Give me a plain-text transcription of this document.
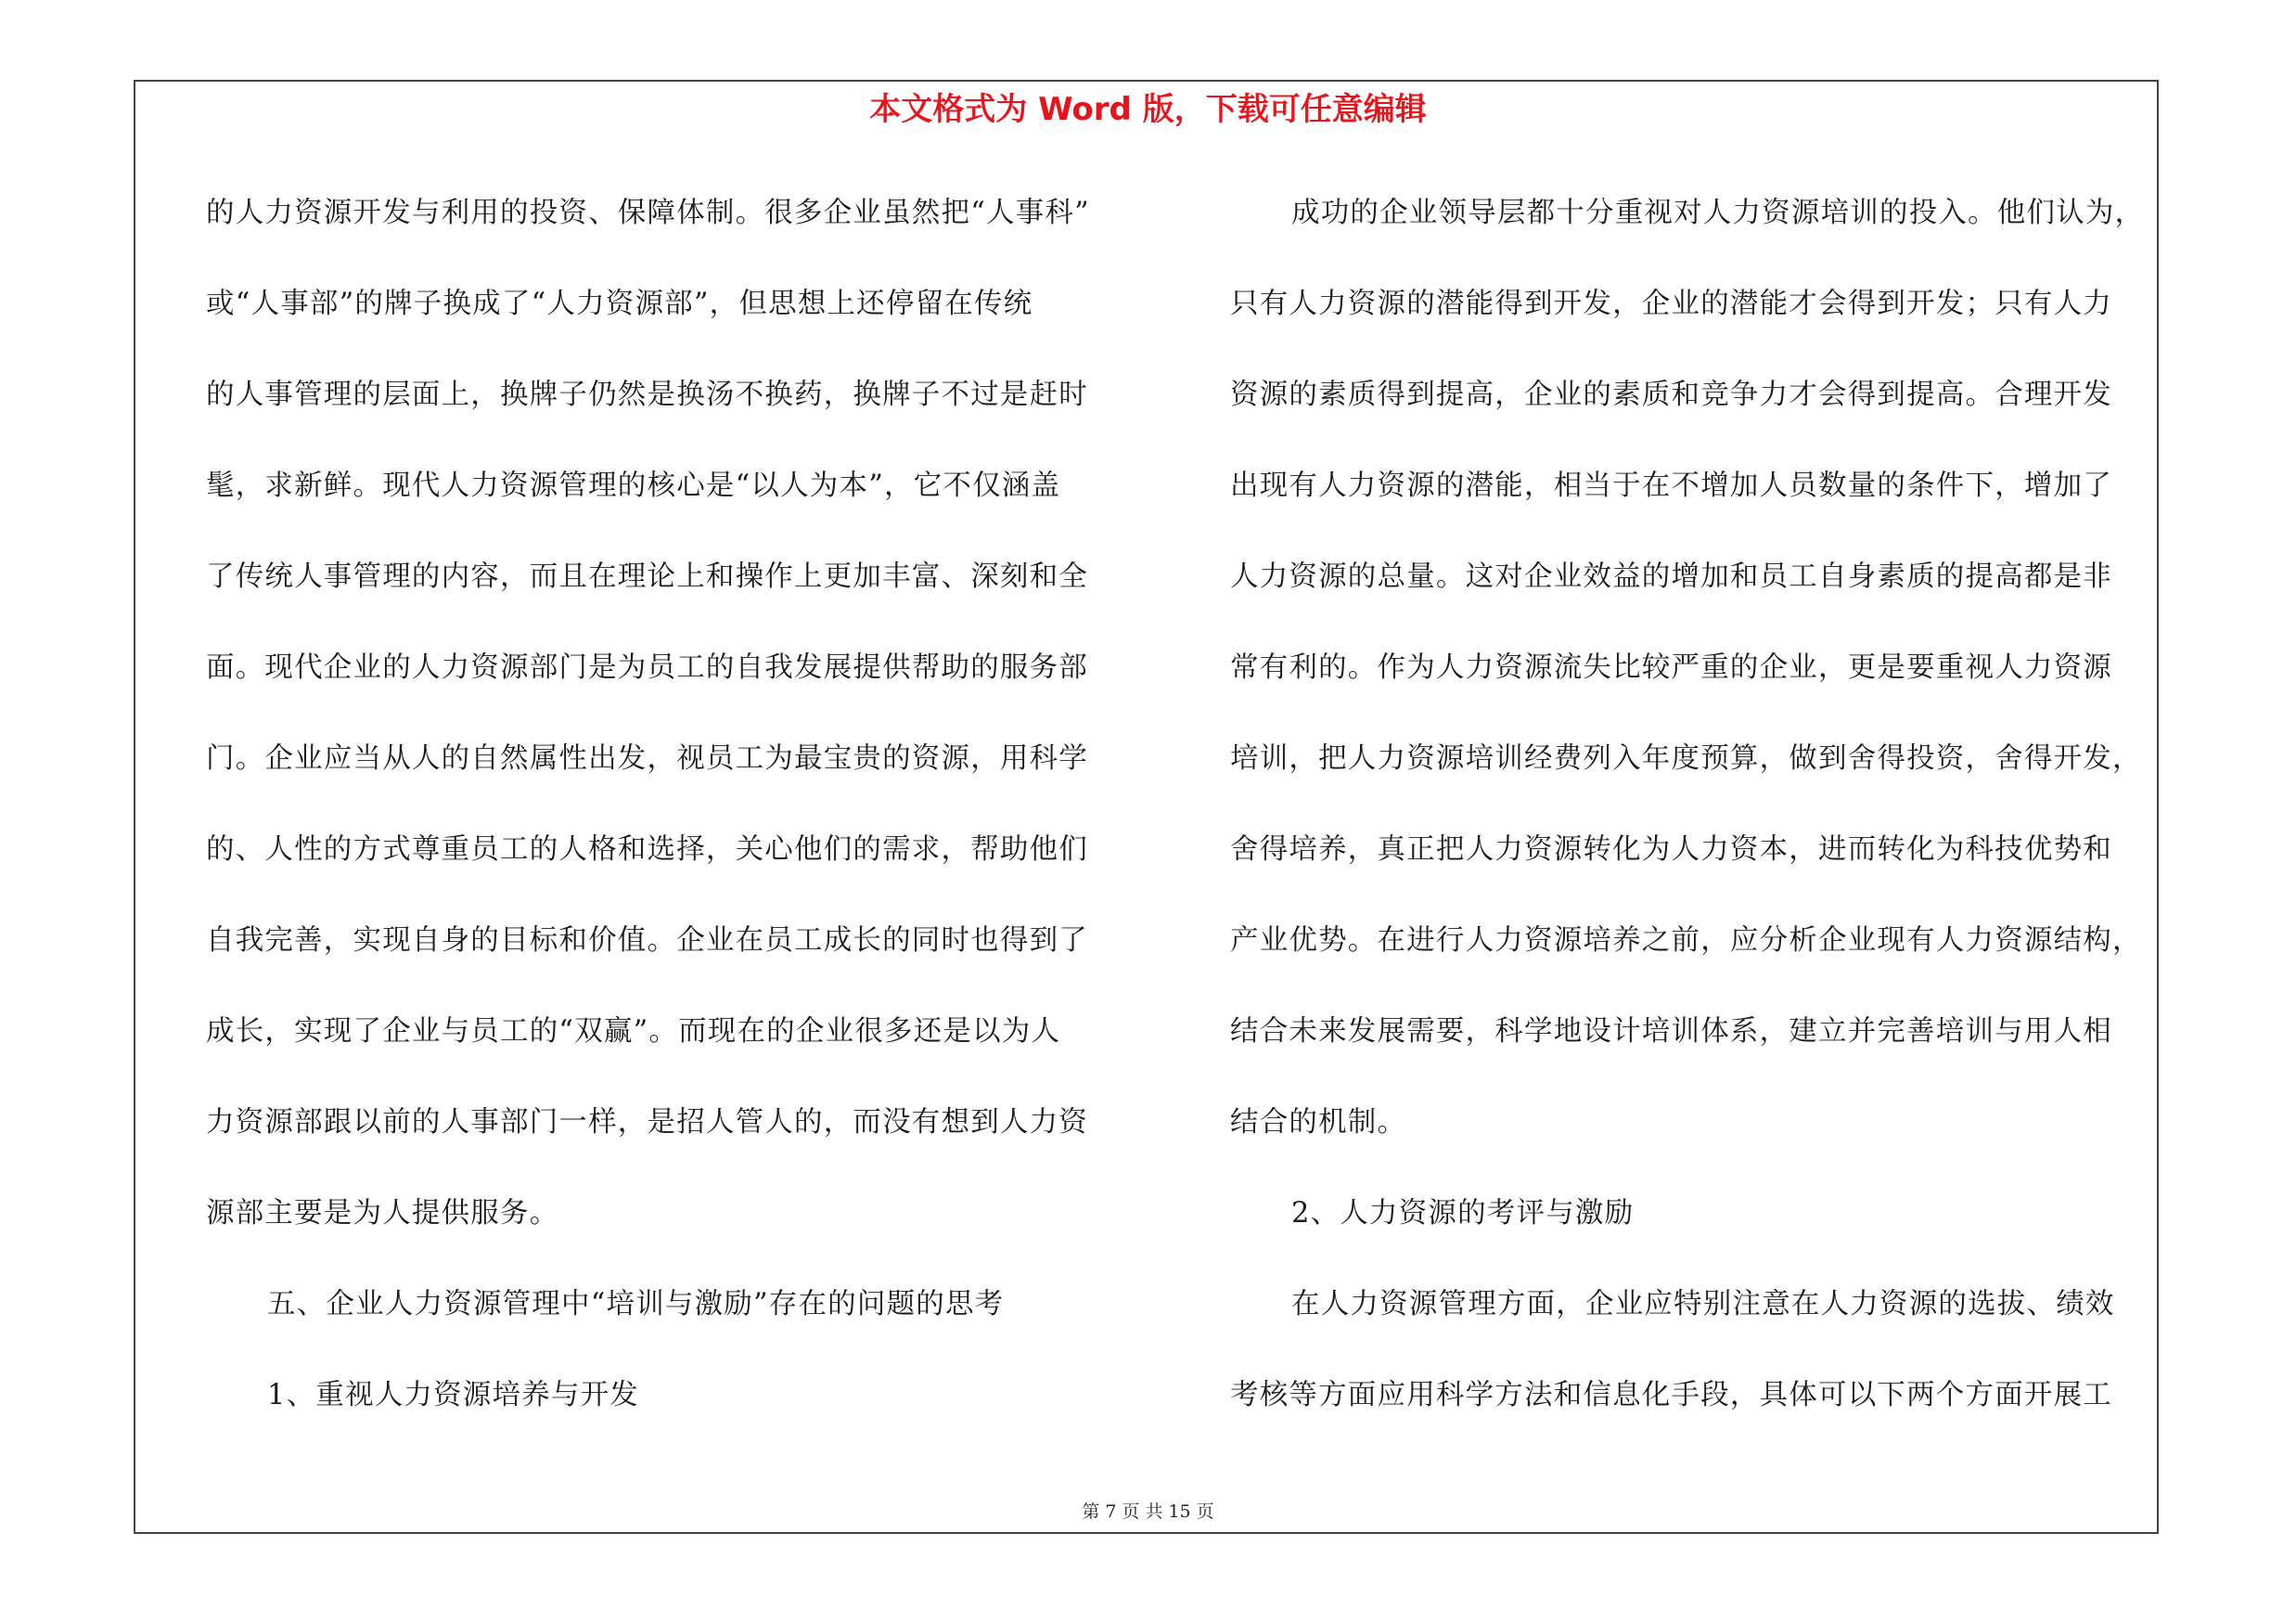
本文格式为 Word 版，下载可任意编辑
的人力资源开发与利用的投资、保障体制。很多企业虽然把“人事科”
或“人事部”的牌子换成了“人力资源部”，但思想上还停留在传统
的人事管理的层面上，换牌子仍然是换汤不换药，换牌子不过是赶时
髦，求新鲜。现代人力资源管理的核心是“以人为本”，它不仅涵盖
了传统人事管理的内容，而且在理论上和操作上更加丰富、深刻和全
面。现代企业的人力资源部门是为员工的自我发展提供帮助的服务部
门。企业应当从人的自然属性出发，视员工为最宝贵的资源，用科学
的、人性的方式尊重员工的人格和选择，关心他们的需求，帮助他们
自我完善，实现自身的目标和价值。企业在员工成长的同时也得到了
成长，实现了企业与员工的“双赢”。而现在的企业很多还是以为人
力资源部跟以前的人事部门一样，是招人管人的，而没有想到人力资
源部主要是为人提供服务。
五、企业人力资源管理中“培训与激励”存在的问题的思考
1、重视人力资源培养与开发
成功的企业领导层都十分重视对人力资源培训的投入。他们认为，
只有人力资源的潜能得到开发，企业的潜能才会得到开发；只有人力
资源的素质得到提高，企业的素质和竞争力才会得到提高。合理开发
出现有人力资源的潜能，相当于在不增加人员数量的条件下，增加了
人力资源的总量。这对企业效益的增加和员工自身素质的提高都是非
常有利的。作为人力资源流失比较严重的企业，更是要重视人力资源
培训，把人力资源培训经费列入年度预算，做到舍得投资，舍得开发，
舍得培养，真正把人力资源转化为人力资本，进而转化为科技优势和
产业优势。在进行人力资源培养之前，应分析企业现有人力资源结构，
结合未来发展需要，科学地设计培训体系，建立并完善培训与用人相
结合的机制。
2、人力资源的考评与激励
在人力资源管理方面，企业应特别注意在人力资源的选拔、绩效
考核等方面应用科学方法和信息化手段，具体可以下两个方面开展工
第 7 页 共 15 页
